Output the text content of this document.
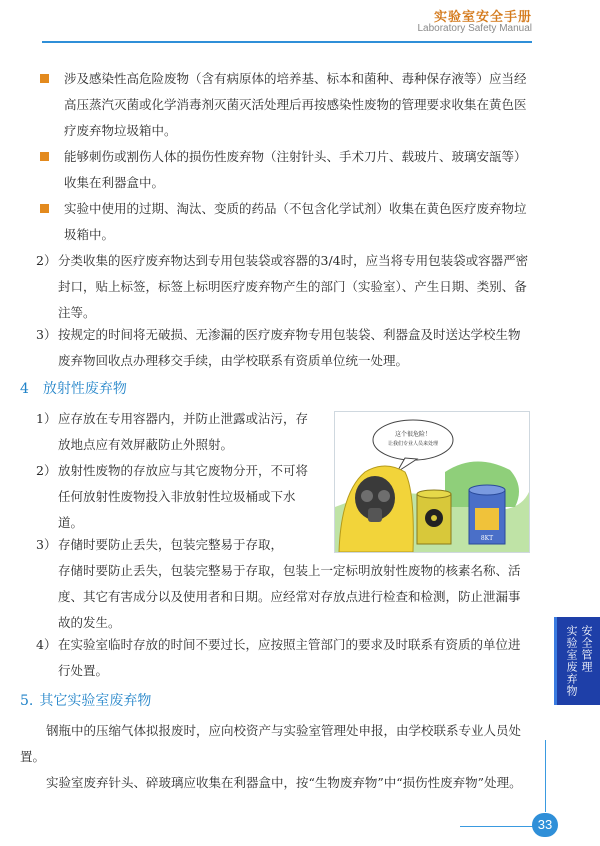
实验室安全手册
Laboratory Safety Manual
涉及感染性高危险废物（含有病原体的培养基、标本和菌种、毒种保存液等）应当经高压蒸汽灭菌或化学消毒剂灭菌灭活处理后再按感染性废物的管理要求收集在黄色医疗废弃物垃圾箱中。
能够刺伤或割伤人体的损伤性废弃物（注射针头、手术刀片、载玻片、玻璃安瓿等）收集在利器盒中。
实验中使用的过期、淘汰、变质的药品（不包含化学试剂）收集在黄色医疗废弃物垃圾箱中。
2） 分类收集的医疗废弃物达到专用包装袋或容器的3/4时，应当将专用包装袋或容器严密封口，贴上标签，标签上标明医疗废弃物产生的部门（实验室）、产生日期、类别、备注等。
3） 按规定的时间将无破损、无渗漏的医疗废弃物专用包装袋、利器盒及时送达学校生物废弃物回收点办理移交手续，由学校联系有资质单位统一处理。
4 放射性废弃物
1） 应存放在专用容器内，并防止泄露或沾污，存放地点应有效屏蔽防止外照射。
2） 放射性废物的存放应与其它废物分开，不可将任何放射性废物投入非放射性垃圾桶或下水道。
3） 存储时要防止丢失，包装完整易于存取，
存储时要防止丢失，包装完整易于存取，包装上一定标明放射性废物的核素名称、活
度、其它有害成分以及使用者和日期。应经常对存放点进行检查和检测，防止泄漏事故的发生。
4） 在实验室临时存放的时间不要过长，应按照主管部门的要求及时联系有资质的单位进行处置。
这个很危险！
让我们专业人员来处理
8KT
5. 其它实验室废弃物
钢瓶中的压缩气体拟报废时，应向校资产与实验室管理处申报，由学校联系专业人员处置。
实验室废弃针头、碎玻璃应收集在利器盒中，按“生物废弃物”中“损伤性废弃物”处理。
安全管理
实验室废弃物
33
